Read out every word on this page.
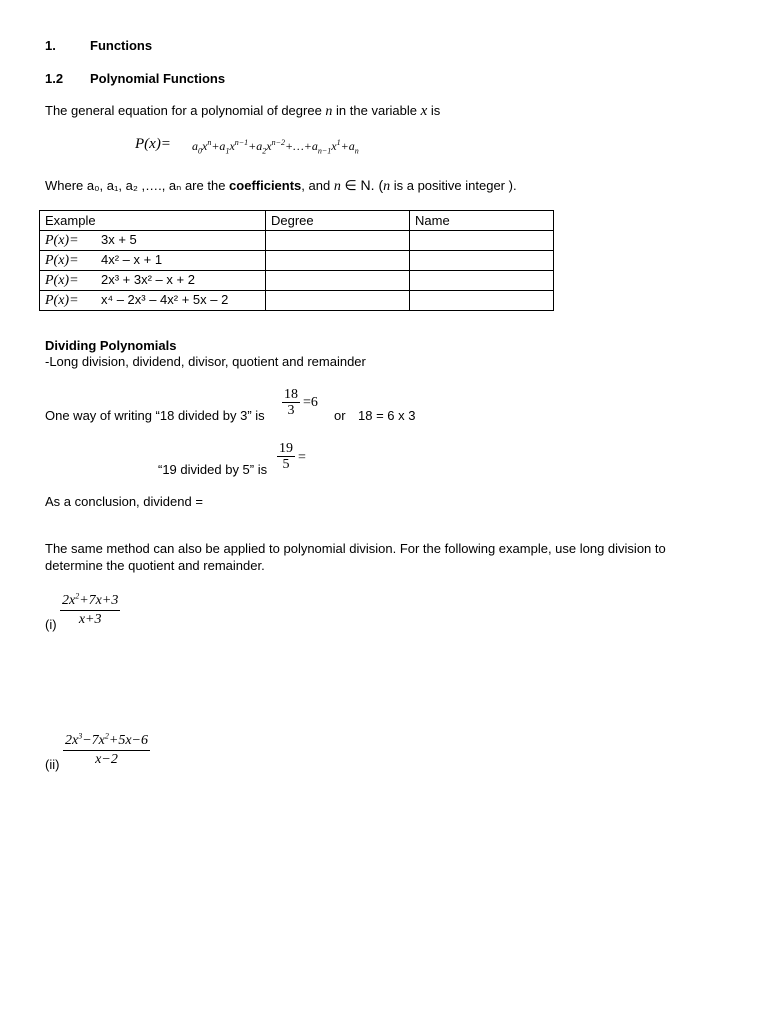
1.	Functions
1.2 Polynomial Functions
The general equation for a polynomial of degree n in the variable x is
$P(x)= a_0x^n+a_1x^{n-1}+a_2x^{n-2}+\dots+a_{n-1}x^1+a_n$
Where a₀, a₁, a₂ ,…., aₙ are the coefficients, and n ∈ N. (n is a positive integer ).
Example	Degree	Name
P(x)= 3x + 5		
P(x)= 4x² – x + 1		
P(x)= 2x³ + 3x² – x + 2		
P(x)= x⁴ – 2x³ – 4x² + 5x – 2		
Dividing Polynomials
-Long division, dividend, divisor, quotient and remainder
One way of writing “18 divided by 3” is $\frac{18}{3} =6$
or 18 = 6 x 3
“19 divided by 5” is $\frac{19}{5}$ =
As a conclusion, dividend =
The same method can also be applied to polynomial division. For the following example, use long division to
determine the quotient and remainder.
$(i) \frac{2x^2+7x+3}{x+3}$
$(ii) \frac{2x^3-7x^2+5x-6}{x-2}$
